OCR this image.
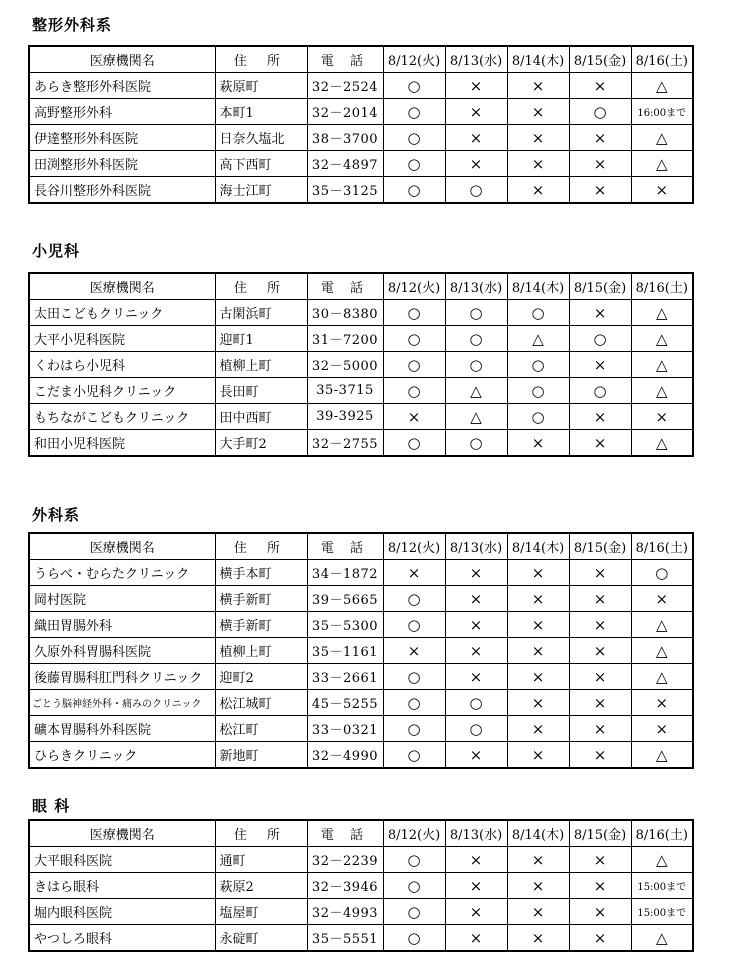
整形外科系
医療機関名	住 所	電 話	8/12(火)	8/13(水)	8/14(木)	8/15(金)	8/16(土)
あらき整形外科医院	萩原町	32－2524	○	×	×	×	△
高野整形外科	本町1	32－2014	○	×	×	○	16:00まで
伊達整形外科医院	日奈久塩北	38－3700	○	×	×	×	△
田渕整形外科医院	高下西町	32－4897	○	×	×	×	△
長谷川整形外科医院	海士江町	35－3125	○	○	×	×	×
小児科
医療機関名	住 所	電 話	8/12(火)	8/13(水)	8/14(木)	8/15(金)	8/16(土)
太田こどもクリニック	古閑浜町	30－8380	○	○	○	×	△
大平小児科医院	迎町1	31－7200	○	○	△	○	△
くわはら小児科	植柳上町	32－5000	○	○	○	×	△
こだま小児科クリニック	長田町	35-3715	○	△	○	○	△
もちながこどもクリニック	田中西町	39-3925	×	△	○	×	×
和田小児科医院	大手町2	32－2755	○	○	×	×	△
外科系
医療機関名	住 所	電 話	8/12(火)	8/13(水)	8/14(木)	8/15(金)	8/16(土)
うらべ・むらたクリニック	横手本町	34－1872	×	×	×	×	○
岡村医院	横手新町	39－5665	○	×	×	×	×
織田胃腸外科	横手新町	35－5300	○	×	×	×	△
久原外科胃腸科医院	植柳上町	35－1161	×	×	×	×	△
後藤胃腸科肛門科クリニック	迎町2	33－2661	○	×	×	×	△
ごとう脳神経外科・痛みのクリニック	松江城町	45－5255	○	○	×	×	×
礦本胃腸科外科医院	松江町	33－0321	○	○	×	×	×
ひらきクリニック	新地町	32－4990	○	×	×	×	△
眼 科
医療機関名	住 所	電 話	8/12(火)	8/13(水)	8/14(木)	8/15(金)	8/16(土)
大平眼科医院	通町	32－2239	○	×	×	×	△
きはら眼科	萩原2	32－3946	○	×	×	×	15:00まで
堀内眼科医院	塩屋町	32－4993	○	×	×	×	15:00まで
やつしろ眼科	永碇町	35－5551	○	×	×	×	△
